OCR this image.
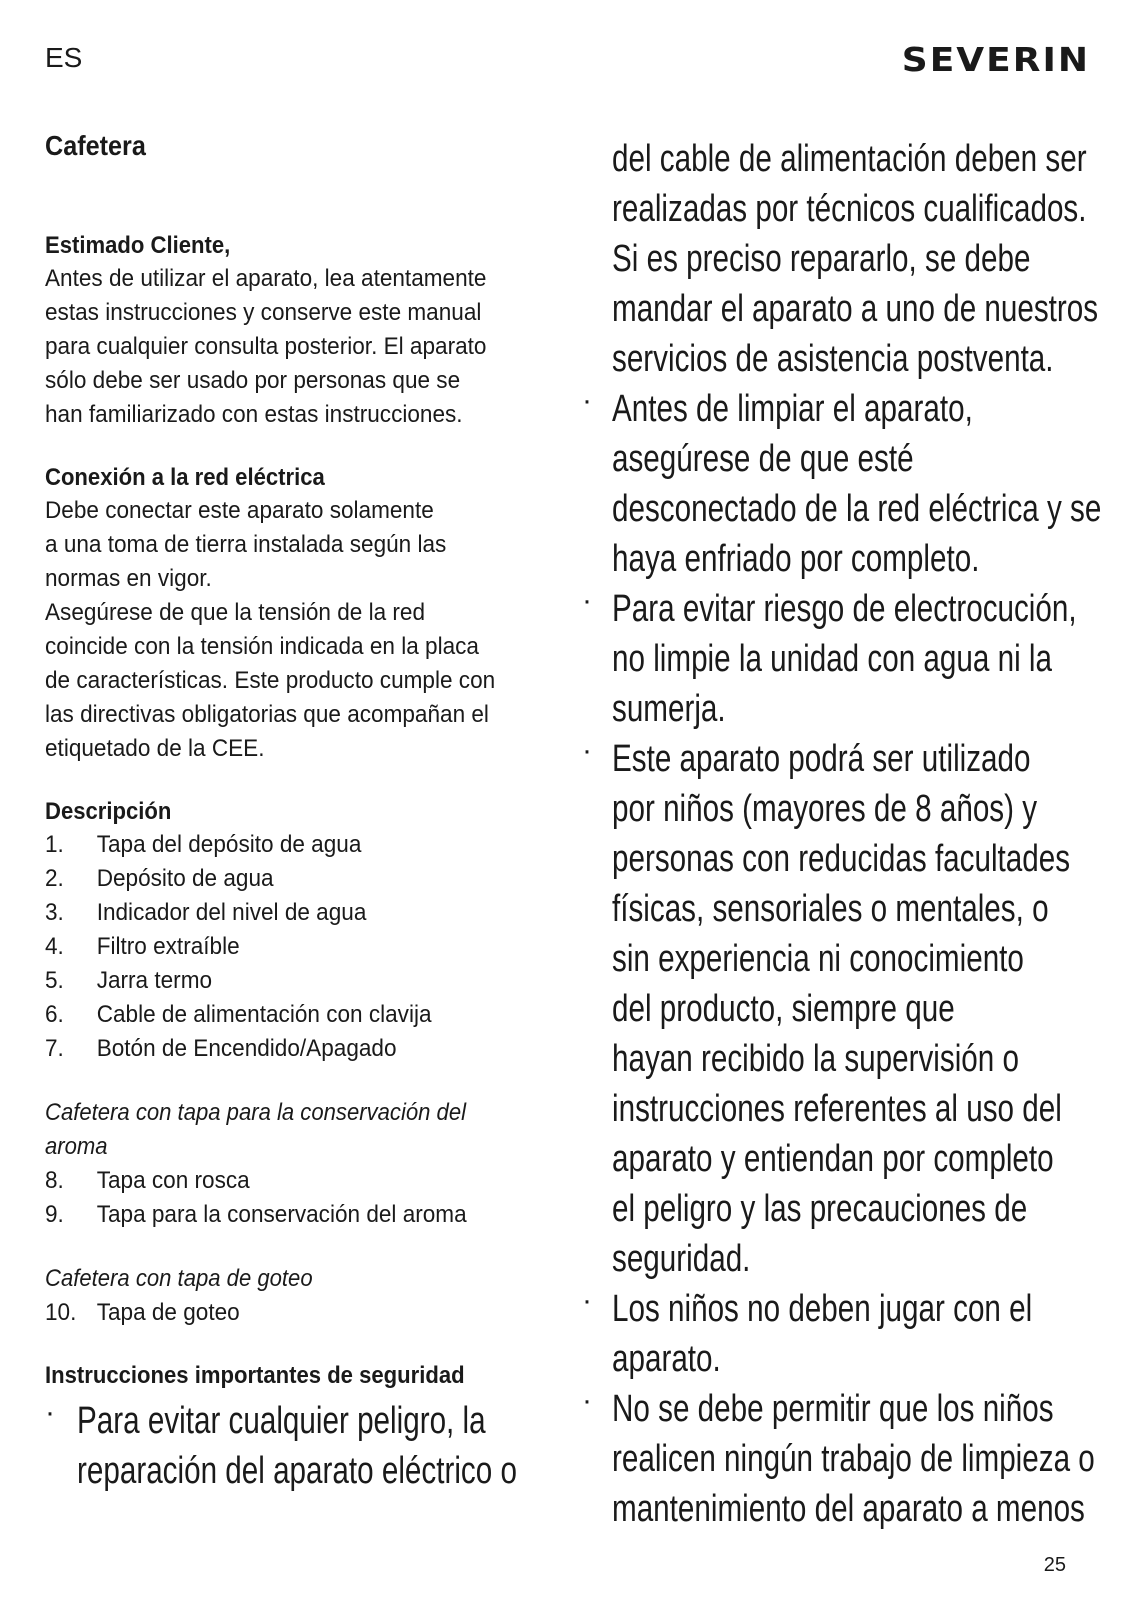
ES	SEVERIN
Cafetera
Estimado Cliente,
Antes de utilizar el aparato, lea atentamente
estas instrucciones y conserve este manual
para cualquier consulta posterior. El aparato
sólo debe ser usado por personas que se
han familiarizado con estas instrucciones.
Conexión a la red eléctrica
Debe conectar este aparato solamente
a una toma de tierra instalada según las
normas en vigor.
Asegúrese de que la tensión de la red
coincide con la tensión indicada en la placa
de características. Este producto cumple con
las directivas obligatorias que acompañan el
etiquetado de la CEE.
Descripción
1. Tapa del depósito de agua
2. Depósito de agua
3. Indicador del nivel de agua
4. Filtro extraíble
5. Jarra termo
6. Cable de alimentación con clavija
7. Botón de Encendido/Apagado
Cafetera con tapa para la conservación del
aroma
8. Tapa con rosca
9. Tapa para la conservación del aroma
Cafetera con tapa de goteo
10. Tapa de goteo
Instrucciones importantes de seguridad
· Para evitar cualquier peligro, la
reparación del aparato eléctrico o
del cable de alimentación deben ser
realizadas por técnicos cualificados.
Si es preciso repararlo, se debe
mandar el aparato a uno de nuestros
servicios de asistencia postventa.
· Antes de limpiar el aparato,
asegúrese de que esté
desconectado de la red eléctrica y se
haya enfriado por completo.
· Para evitar riesgo de electrocución,
no limpie la unidad con agua ni la
sumerja.
· Este aparato podrá ser utilizado
por niños (mayores de 8 años) y
personas con reducidas facultades
físicas, sensoriales o mentales, o
sin experiencia ni conocimiento
del producto, siempre que
hayan recibido la supervisión o
instrucciones referentes al uso del
aparato y entiendan por completo
el peligro y las precauciones de
seguridad.
· Los niños no deben jugar con el
aparato.
· No se debe permitir que los niños
realicen ningún trabajo de limpieza o
mantenimiento del aparato a menos
25
